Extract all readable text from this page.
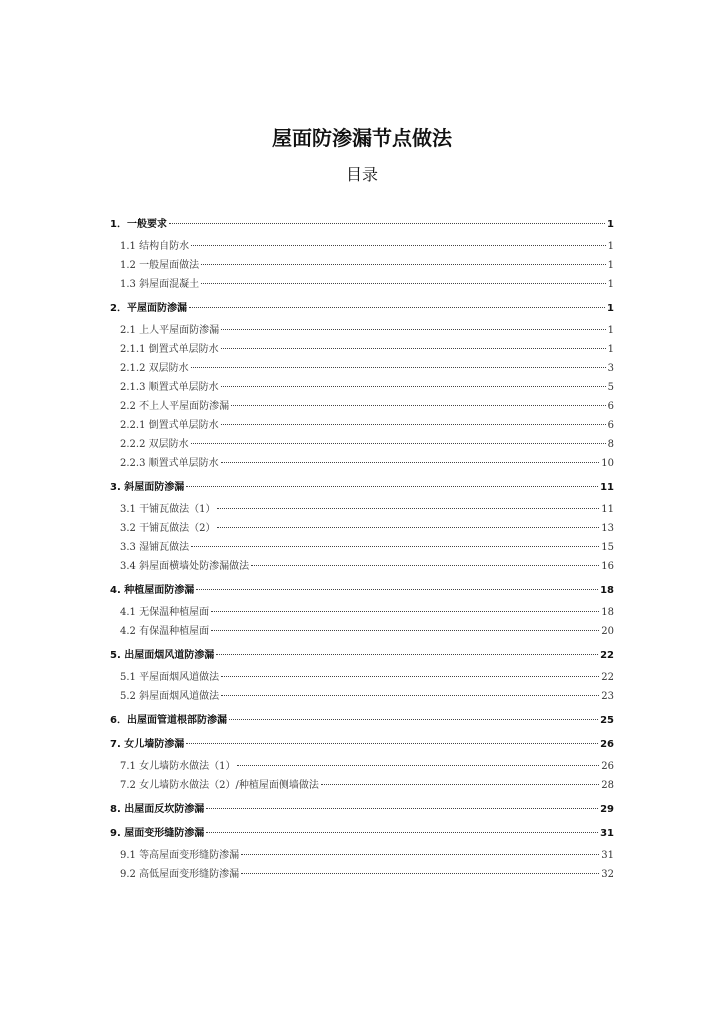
屋面防渗漏节点做法
目录
1．一般要求	1
1.1 结构自防水	1
1.2 一般屋面做法	1
1.3 斜屋面混凝土	1
2．平屋面防渗漏	1
2.1 上人平屋面防渗漏	1
2.1.1 倒置式单层防水	1
2.1.2 双层防水	3
2.1.3 顺置式单层防水	5
2.2 不上人平屋面防渗漏	6
2.2.1 倒置式单层防水	6
2.2.2 双层防水	8
2.2.3 顺置式单层防水	10
3. 斜屋面防渗漏	11
3.1 干铺瓦做法（1）	11
3.2 干铺瓦做法（2）	13
3.3 湿铺瓦做法	15
3.4 斜屋面横墙处防渗漏做法	16
4. 种植屋面防渗漏	18
4.1 无保温种植屋面	18
4.2 有保温种植屋面	20
5. 出屋面烟风道防渗漏	22
5.1 平屋面烟风道做法	22
5.2 斜屋面烟风道做法	23
6．出屋面管道根部防渗漏	25
7. 女儿墙防渗漏	26
7.1 女儿墙防水做法（1）	26
7.2 女儿墙防水做法（2）/种植屋面侧墙做法	28
8. 出屋面反坎防渗漏	29
9. 屋面变形缝防渗漏	31
9.1 等高屋面变形缝防渗漏	31
9.2 高低屋面变形缝防渗漏	32
